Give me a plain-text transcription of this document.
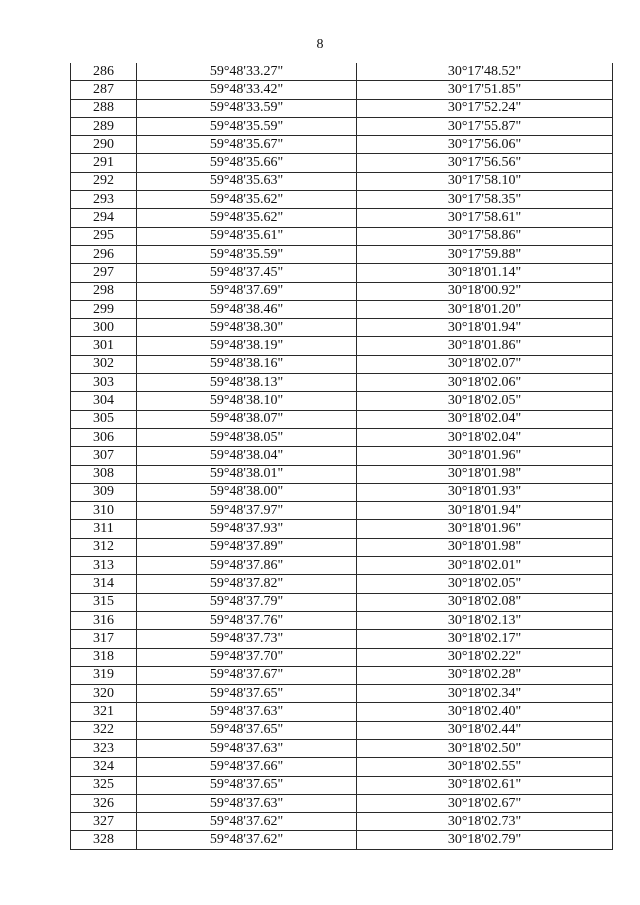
8
286	59°48'33.27"	30°17'48.52"
287	59°48'33.42"	30°17'51.85"
288	59°48'33.59"	30°17'52.24"
289	59°48'35.59"	30°17'55.87"
290	59°48'35.67"	30°17'56.06"
291	59°48'35.66"	30°17'56.56"
292	59°48'35.63"	30°17'58.10"
293	59°48'35.62"	30°17'58.35"
294	59°48'35.62"	30°17'58.61"
295	59°48'35.61"	30°17'58.86"
296	59°48'35.59"	30°17'59.88"
297	59°48'37.45"	30°18'01.14"
298	59°48'37.69"	30°18'00.92"
299	59°48'38.46"	30°18'01.20"
300	59°48'38.30"	30°18'01.94"
301	59°48'38.19"	30°18'01.86"
302	59°48'38.16"	30°18'02.07"
303	59°48'38.13"	30°18'02.06"
304	59°48'38.10"	30°18'02.05"
305	59°48'38.07"	30°18'02.04"
306	59°48'38.05"	30°18'02.04"
307	59°48'38.04"	30°18'01.96"
308	59°48'38.01"	30°18'01.98"
309	59°48'38.00"	30°18'01.93"
310	59°48'37.97"	30°18'01.94"
311	59°48'37.93"	30°18'01.96"
312	59°48'37.89"	30°18'01.98"
313	59°48'37.86"	30°18'02.01"
314	59°48'37.82"	30°18'02.05"
315	59°48'37.79"	30°18'02.08"
316	59°48'37.76"	30°18'02.13"
317	59°48'37.73"	30°18'02.17"
318	59°48'37.70"	30°18'02.22"
319	59°48'37.67"	30°18'02.28"
320	59°48'37.65"	30°18'02.34"
321	59°48'37.63"	30°18'02.40"
322	59°48'37.65"	30°18'02.44"
323	59°48'37.63"	30°18'02.50"
324	59°48'37.66"	30°18'02.55"
325	59°48'37.65"	30°18'02.61"
326	59°48'37.63"	30°18'02.67"
327	59°48'37.62"	30°18'02.73"
328	59°48'37.62"	30°18'02.79"
